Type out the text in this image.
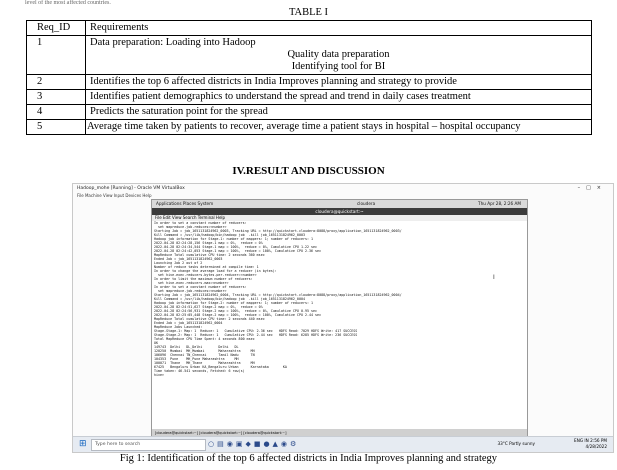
level of the most affected countries.
TABLE I
Req_ID	Requirements
1	Data preparation: Loading into Hadoop
Quality data preparation
Identifying tool for BI

2	Identifies the top 6 affected districts in India Improves planning and strategy to provide
3	Identifies patient demographics to understand the spread and trend in daily cases treatment
4	Predicts the saturation point for the spread
5	Average time taken by patients to recover, average time a patient stays in hospital – hospital occupancy
IV.RESULT AND DISCUSSION
Hadoop_mohe [Running] - Oracle VM VirtualBox	–□×
File Machine View Input Devices Help
Applications Places System	cloudera	Thu Apr 28, 2:26 AM
cloudera@quickstart:~
File Edit View Search Terminal Help
In order to set a constant number of reducers:
set mapreduce.job.reduces=<number>
Starting Job = job_1651131824962_0003, Tracking URL = http://quickstart.cloudera:8088/proxy/application_1651131824962_0003/
Kill Command = /usr/lib/hadoop/bin/hadoop job  -kill job_1651131824962_0003
Hadoop job information for Stage-1: number of mappers: 1; number of reducers: 1
2022-04-28 02:24:28,156 Stage-1 map = 0%,  reduce = 0%
2022-04-28 02:24:34,544 Stage-1 map = 100%,  reduce = 0%, Cumulative CPU 1.22 sec
2022-04-28 02:24:42,053 Stage-1 map = 100%,  reduce = 100%, Cumulative CPU 2.36 sec
MapReduce Total cumulative CPU time: 2 seconds 360 msec
Ended Job = job_1651131824962_0003
Launching Job 2 out of 2
Number of reduce tasks determined at compile time: 1
In order to change the average load for a reducer (in bytes):
set hive.exec.reducers.bytes.per.reducer=<number>
In order to limit the maximum number of reducers:
set hive.exec.reducers.max=<number>
In order to set a constant number of reducers:
set mapreduce.job.reduces=<number>
Starting Job = job_1651131824962_0004, Tracking URL = http://quickstart.cloudera:8088/proxy/application_1651131824962_0004/
Kill Command = /usr/lib/hadoop/bin/hadoop job  -kill job_1651131824962_0004
Hadoop job information for Stage-2: number of mappers: 1; number of reducers: 1
2022-04-28 02:24:51,627 Stage-2 map = 0%,  reduce = 0%
2022-04-28 02:24:56,931 Stage-2 map = 100%,  reduce = 0%, Cumulative CPU 0.95 sec
2022-04-28 02:25:05,448 Stage-2 map = 100%,  reduce = 100%, Cumulative CPU 2.44 sec
MapReduce Total cumulative CPU time: 2 seconds 440 msec
Ended Job = job_1651131824962_0004
MapReduce Jobs Launched:
Stage-Stage-1: Map: 1  Reduce: 1   Cumulative CPU: 2.36 sec   HDFS Read: 7029 HDFS Write: 417 SUCCESS
Stage-Stage-2: Map: 1  Reduce: 1   Cumulative CPU: 2.44 sec   HDFS Read: 6285 HDFS Write: 236 SUCCESS
Total MapReduce CPU Time Spent: 4 seconds 800 msec
OK
149743  Delhi   DL_Delhi        Delhi   DL
120250  Mumbai  MH_Mumbai       Maharashtra     MH
106096  Chennai TN_Chennai      Tamil Nadu      TN
104353  Pune    MH_Pune Maharashtra     MH
100071  Thane   MH_Thane        Maharashtra     MH
67425   Bengaluru Urban KA_Bengaluru Urban      Karnataka       KA
Time taken: 46.541 seconds, Fetched: 6 row(s)
hive>
[cloudera@quickstart:~] [cloudera@quickstart:~] [cloudera@quickstart:~]
I
⊞	Type here to search	○▤◉▣◆■●▲◉⚙	33°C Partly sunny
ENG IN 2:56 PM
4/28/2022
Fig 1: Identification of the top 6 affected districts in India Improves planning and strategy
